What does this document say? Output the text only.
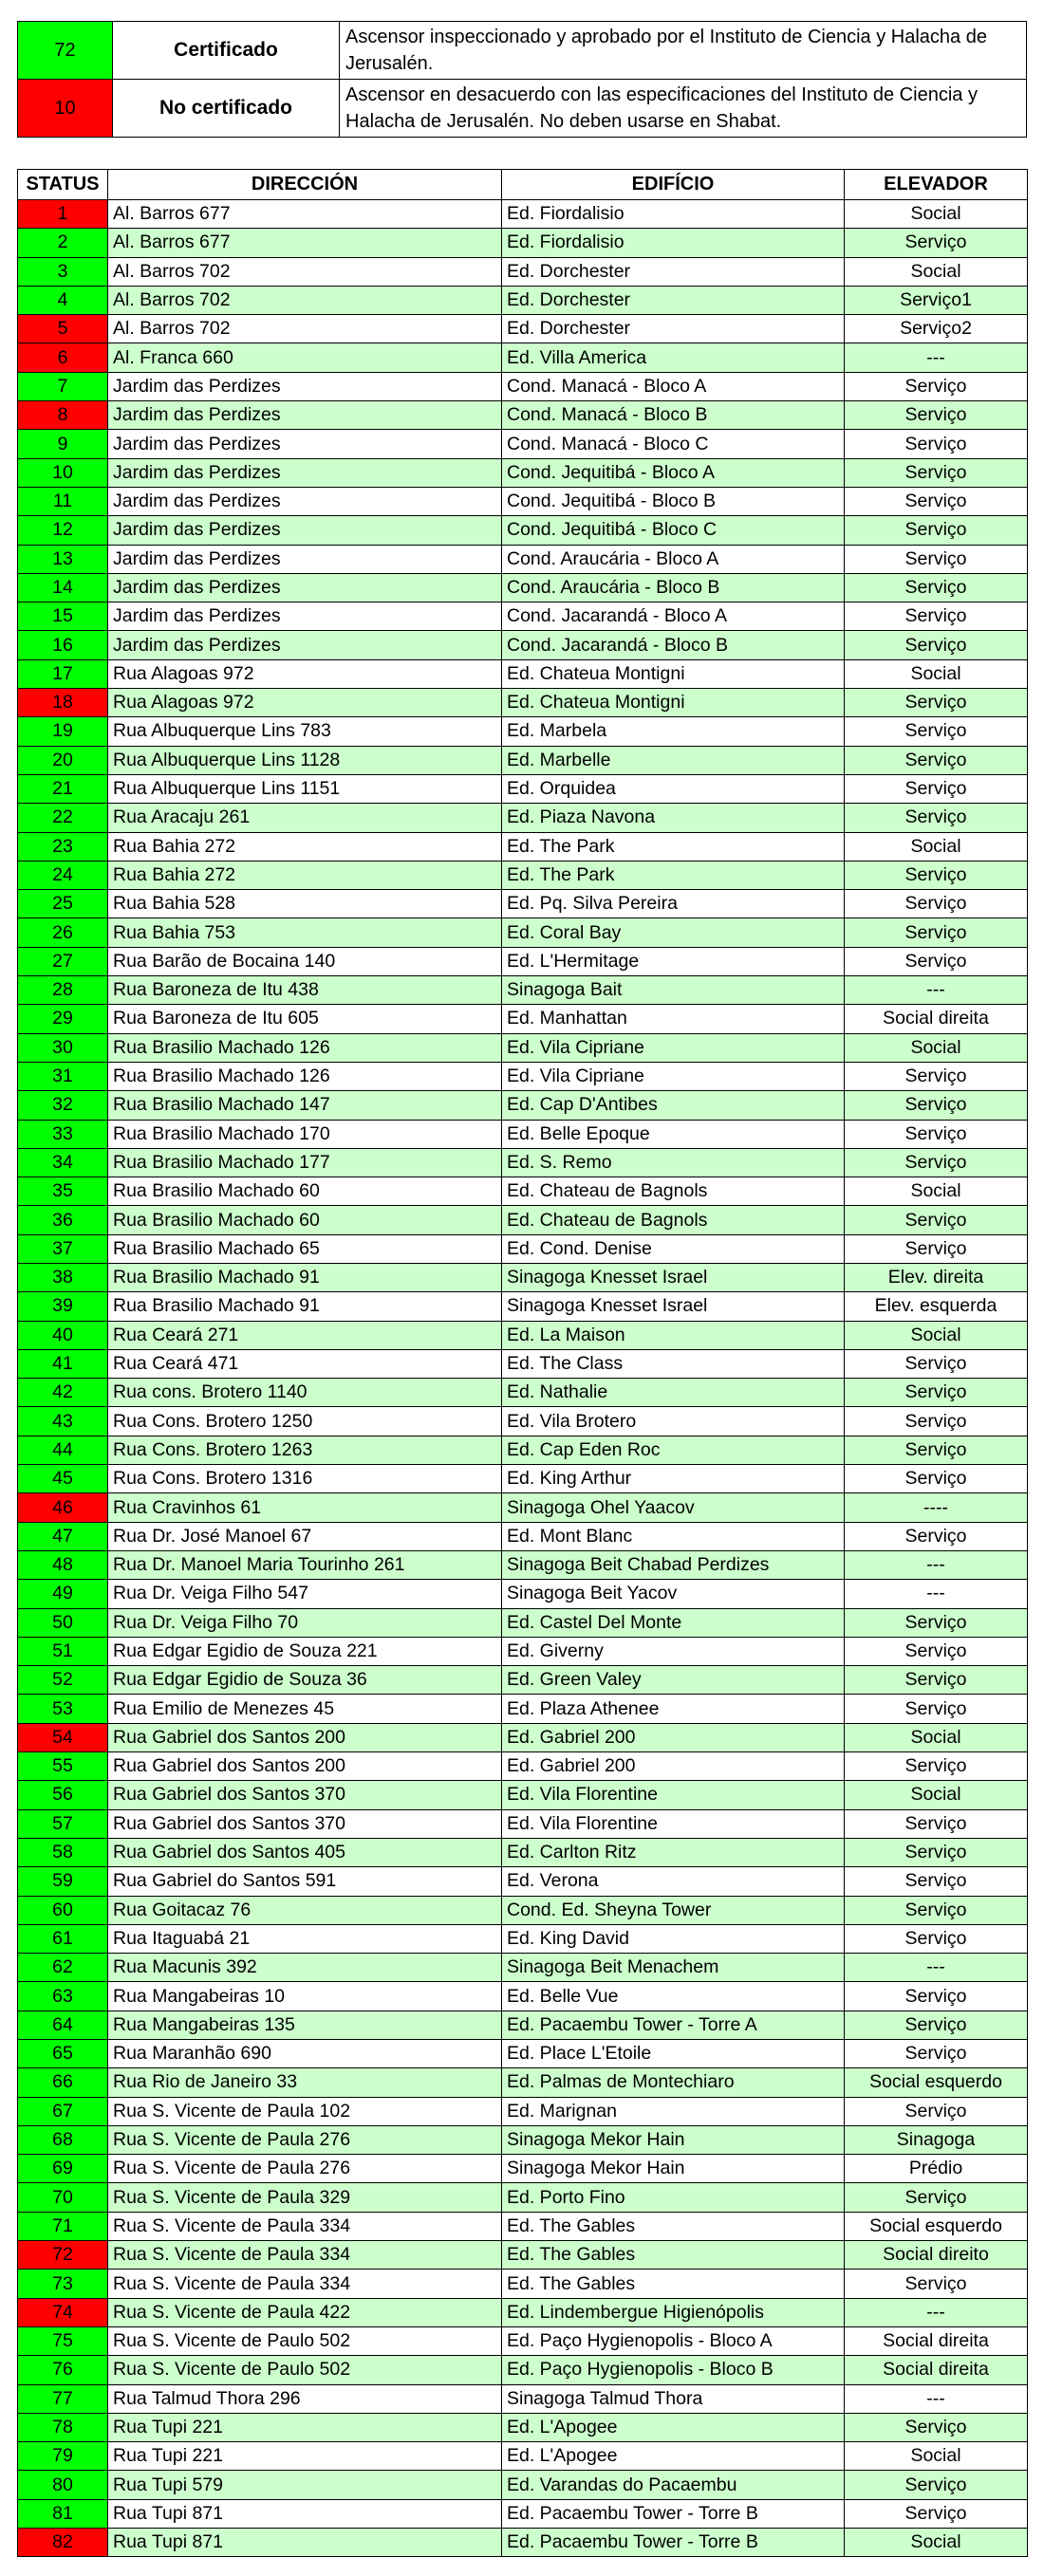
72	Certificado	Ascensor inspeccionado y aprobado por el Instituto de Ciencia y Halacha de Jerusalén.
10	No certificado	Ascensor en desacuerdo con las especificaciones del Instituto de Ciencia y Halacha de Jerusalén. No deben usarse en Shabat.
STATUS	DIRECCIÓN	EDIFÍCIO	ELEVADOR
1	Al. Barros 677	Ed. Fiordalisio	Social
2	Al. Barros 677	Ed. Fiordalisio	Serviço
3	Al. Barros 702	Ed. Dorchester	Social
4	Al. Barros 702	Ed. Dorchester	Serviço1
5	Al. Barros 702	Ed. Dorchester	Serviço2
6	Al. Franca 660	Ed. Villa America	---
7	Jardim das Perdizes	Cond. Manacá - Bloco A	Serviço
8	Jardim das Perdizes	Cond. Manacá - Bloco B	Serviço
9	Jardim das Perdizes	Cond. Manacá - Bloco C	Serviço
10	Jardim das Perdizes	Cond. Jequitibá - Bloco A	Serviço
11	Jardim das Perdizes	Cond. Jequitibá - Bloco B	Serviço
12	Jardim das Perdizes	Cond. Jequitibá - Bloco C	Serviço
13	Jardim das Perdizes	Cond. Araucária - Bloco A	Serviço
14	Jardim das Perdizes	Cond. Araucária - Bloco B	Serviço
15	Jardim das Perdizes	Cond. Jacarandá - Bloco A	Serviço
16	Jardim das Perdizes	Cond. Jacarandá - Bloco B	Serviço
17	Rua Alagoas 972	Ed. Chateua Montigni	Social
18	Rua Alagoas 972	Ed. Chateua Montigni	Serviço
19	Rua Albuquerque Lins 783	Ed. Marbela	Serviço
20	Rua Albuquerque Lins 1128	Ed. Marbelle	Serviço
21	Rua Albuquerque Lins 1151	Ed. Orquidea	Serviço
22	Rua Aracaju 261	Ed. Piaza Navona	Serviço
23	Rua Bahia 272	Ed. The Park	Social
24	Rua Bahia 272	Ed. The Park	Serviço
25	Rua Bahia 528	Ed. Pq. Silva Pereira	Serviço
26	Rua Bahia 753	Ed. Coral Bay	Serviço
27	Rua Barão de Bocaina 140	Ed. L'Hermitage	Serviço
28	Rua Baroneza de Itu 438	Sinagoga Bait	---
29	Rua Baroneza de Itu 605	Ed. Manhattan	Social direita
30	Rua Brasilio Machado 126	Ed. Vila Cipriane	Social
31	Rua Brasilio Machado 126	Ed. Vila Cipriane	Serviço
32	Rua Brasilio Machado 147	Ed. Cap D'Antibes	Serviço
33	Rua Brasilio Machado 170	Ed. Belle Epoque	Serviço
34	Rua Brasilio Machado 177	Ed. S. Remo	Serviço
35	Rua Brasilio Machado 60	Ed. Chateau de Bagnols	Social
36	Rua Brasilio Machado 60	Ed. Chateau de Bagnols	Serviço
37	Rua Brasilio Machado 65	Ed. Cond. Denise	Serviço
38	Rua Brasilio Machado 91	Sinagoga Knesset Israel	Elev. direita
39	Rua Brasilio Machado 91	Sinagoga Knesset Israel	Elev. esquerda
40	Rua Ceará 271	Ed. La Maison	Social
41	Rua Ceará 471	Ed. The Class	Serviço
42	Rua cons. Brotero 1140	Ed. Nathalie	Serviço
43	Rua Cons. Brotero 1250	Ed. Vila Brotero	Serviço
44	Rua Cons. Brotero 1263	Ed. Cap Eden Roc	Serviço
45	Rua Cons. Brotero 1316	Ed. King Arthur	Serviço
46	Rua Cravinhos 61	Sinagoga Ohel Yaacov	----
47	Rua Dr. José Manoel 67	Ed. Mont Blanc	Serviço
48	Rua Dr. Manoel Maria Tourinho 261	Sinagoga Beit Chabad Perdizes	---
49	Rua Dr. Veiga Filho 547	Sinagoga Beit Yacov	---
50	Rua Dr. Veiga Filho 70	Ed. Castel Del Monte	Serviço
51	Rua Edgar Egidio de Souza 221	Ed. Giverny	Serviço
52	Rua Edgar Egidio de Souza 36	Ed. Green Valey	Serviço
53	Rua Emilio de Menezes 45	Ed. Plaza Athenee	Serviço
54	Rua Gabriel dos Santos 200	Ed. Gabriel 200	Social
55	Rua Gabriel dos Santos 200	Ed. Gabriel 200	Serviço
56	Rua Gabriel dos Santos 370	Ed. Vila Florentine	Social
57	Rua Gabriel dos Santos 370	Ed. Vila Florentine	Serviço
58	Rua Gabriel dos Santos 405	Ed. Carlton Ritz	Serviço
59	Rua Gabriel do Santos 591	Ed. Verona	Serviço
60	Rua Goitacaz 76	Cond. Ed. Sheyna Tower	Serviço
61	Rua Itaguabá 21	Ed. King David	Serviço
62	Rua Macunis 392	Sinagoga Beit Menachem	---
63	Rua Mangabeiras 10	Ed. Belle Vue	Serviço
64	Rua Mangabeiras 135	Ed. Pacaembu Tower - Torre A	Serviço
65	Rua Maranhão 690	Ed. Place L'Etoile	Serviço
66	Rua Rio de Janeiro 33	Ed. Palmas de Montechiaro	Social esquerdo
67	Rua S. Vicente de Paula 102	Ed. Marignan	Serviço
68	Rua S. Vicente de Paula 276	Sinagoga Mekor Hain	Sinagoga
69	Rua S. Vicente de Paula 276	Sinagoga Mekor Hain	Prédio
70	Rua S. Vicente de Paula 329	Ed. Porto Fino	Serviço
71	Rua S. Vicente de Paula 334	Ed. The Gables	Social esquerdo
72	Rua S. Vicente de Paula 334	Ed. The Gables	Social direito
73	Rua S. Vicente de Paula 334	Ed. The Gables	Serviço
74	Rua S. Vicente de Paula 422	Ed. Lindembergue Higienópolis	---
75	Rua S. Vicente de Paulo 502	Ed. Paço Hygienopolis - Bloco A	Social direita
76	Rua S. Vicente de Paulo 502	Ed. Paço Hygienopolis - Bloco B	Social direita
77	Rua Talmud Thora 296	Sinagoga Talmud Thora	---
78	Rua Tupi 221	Ed. L'Apogee	Serviço
79	Rua Tupi 221	Ed. L'Apogee	Social
80	Rua Tupi 579	Ed. Varandas do Pacaembu	Serviço
81	Rua Tupi 871	Ed. Pacaembu Tower - Torre B	Serviço
82	Rua Tupi 871	Ed. Pacaembu Tower - Torre B	Social
